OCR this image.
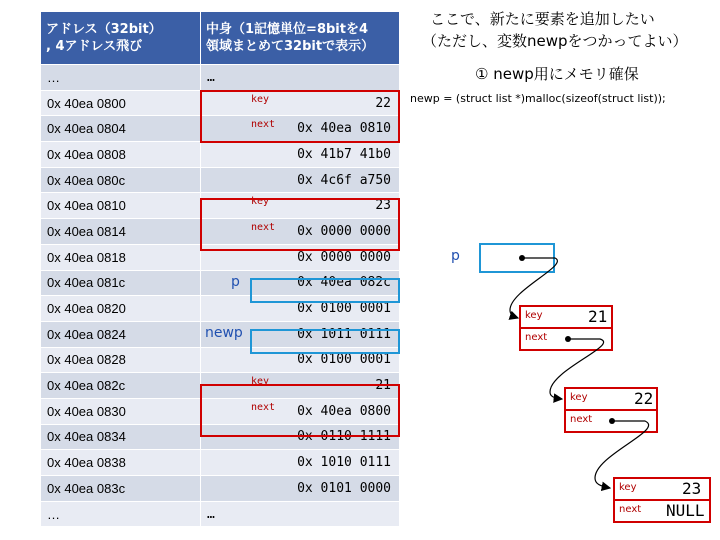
アドレス（32bit）
, 4アドレス飛び	中身（1記憶単位=8bitを4
領域まとめて32bitで表示）
…	…
0x 40ea 0800	22
key

0x 40ea 0804	0x 40ea 0810
next

0x 40ea 0808	0x 41b7 41b0
0x 40ea 080c	0x 4c6f a750
0x 40ea 0810	23
key

0x 40ea 0814	0x 0000 0000
next

0x 40ea 0818	0x 0000 0000
0x 40ea 081c	0x 40ea 082c
p

0x 40ea 0820	0x 0100 0001
0x 40ea 0824	0x 1011 0111
newp

0x 40ea 0828	0x 0100 0001
0x 40ea 082c	21
key

0x 40ea 0830	0x 40ea 0800
next

0x 40ea 0834	0x 0110 1111
0x 40ea 0838	0x 1010 0111
0x 40ea 083c	0x 0101 0000
…	…
ここで、新たに要素を追加したい
（ただし、変数newpをつかってよい）
① newp用にメモリ確保
newp = (struct list *)malloc(sizeof(struct list));
p
key	21
next
key	22
next
key	23
next NULL
